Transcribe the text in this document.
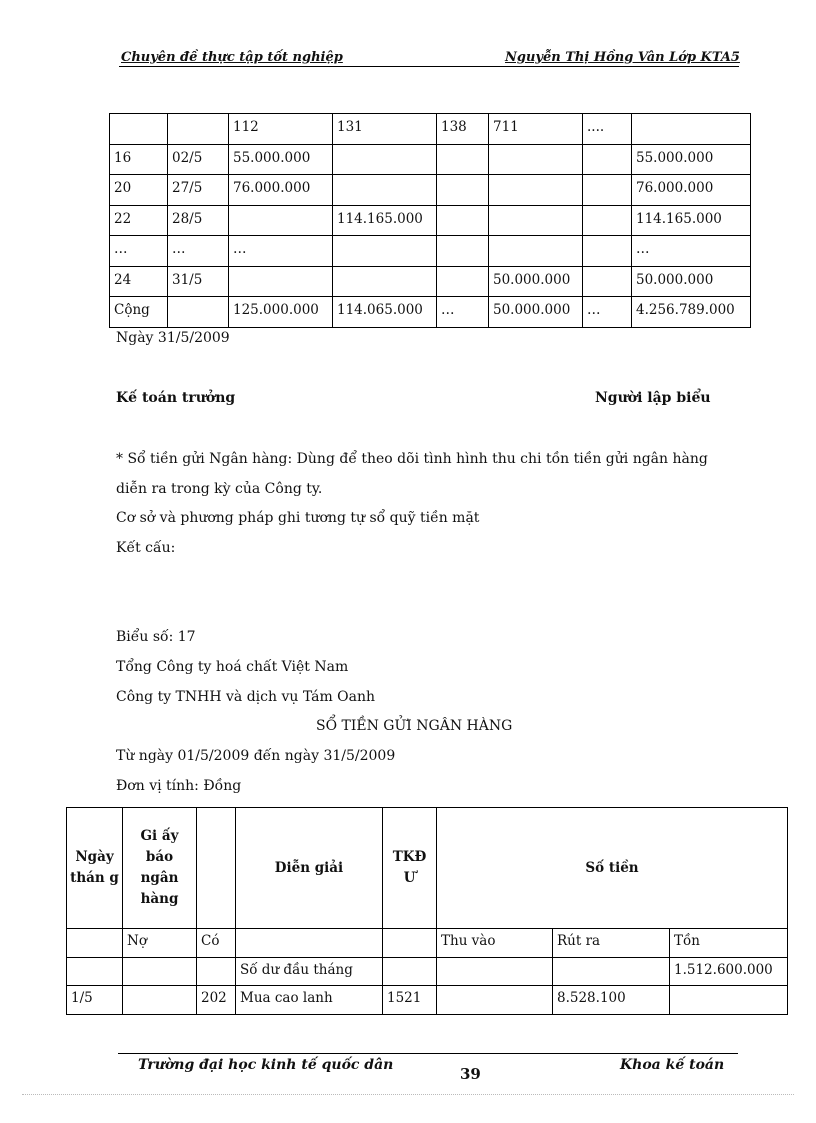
Chuyên đề thực tập tốt nghiệp	Nguyễn Thị Hồng Vân Lớp KTA5
		112	131	138	711	....	
16	02/5	55.000.000					55.000.000
20	27/5	76.000.000					76.000.000
22	28/5		114.165.000				114.165.000
…	…	…					…
24	31/5				50.000.000		50.000.000
Cộng		125.000.000	114.065.000	…	50.000.000	…	4.256.789.000
Ngày 31/5/2009
Kế toán trưởng	Người lập biểu
* Sổ tiền gửi Ngân hàng: Dùng để theo dõi tình hình thu chi tồn tiền gửi ngân hàng
diễn ra trong kỳ của Công ty.
Cơ sở và phương pháp ghi tương tự sổ quỹ tiền mặt
Kết cấu:
Biểu số: 17
Tổng Công ty hoá chất Việt Nam
Công ty TNHH và dịch vụ Tám Oanh
SỔ TIỀN GỬI NGÂN HÀNG
Từ ngày 01/5/2009 đến ngày 31/5/2009
Đơn vị tính: Đồng
Ngày thán g	Gi ấy báo ngân hàng		Diễn giải	TKĐ Ư	Số tiền		
	Nợ	Có			Thu vào	Rút ra	Tồn
			Số dư đầu tháng				1.512.600.000
1/5		202	Mua cao lanh	1521		8.528.100	
Trường đại học kinh tế quốc dân	39	Khoa kế toán
